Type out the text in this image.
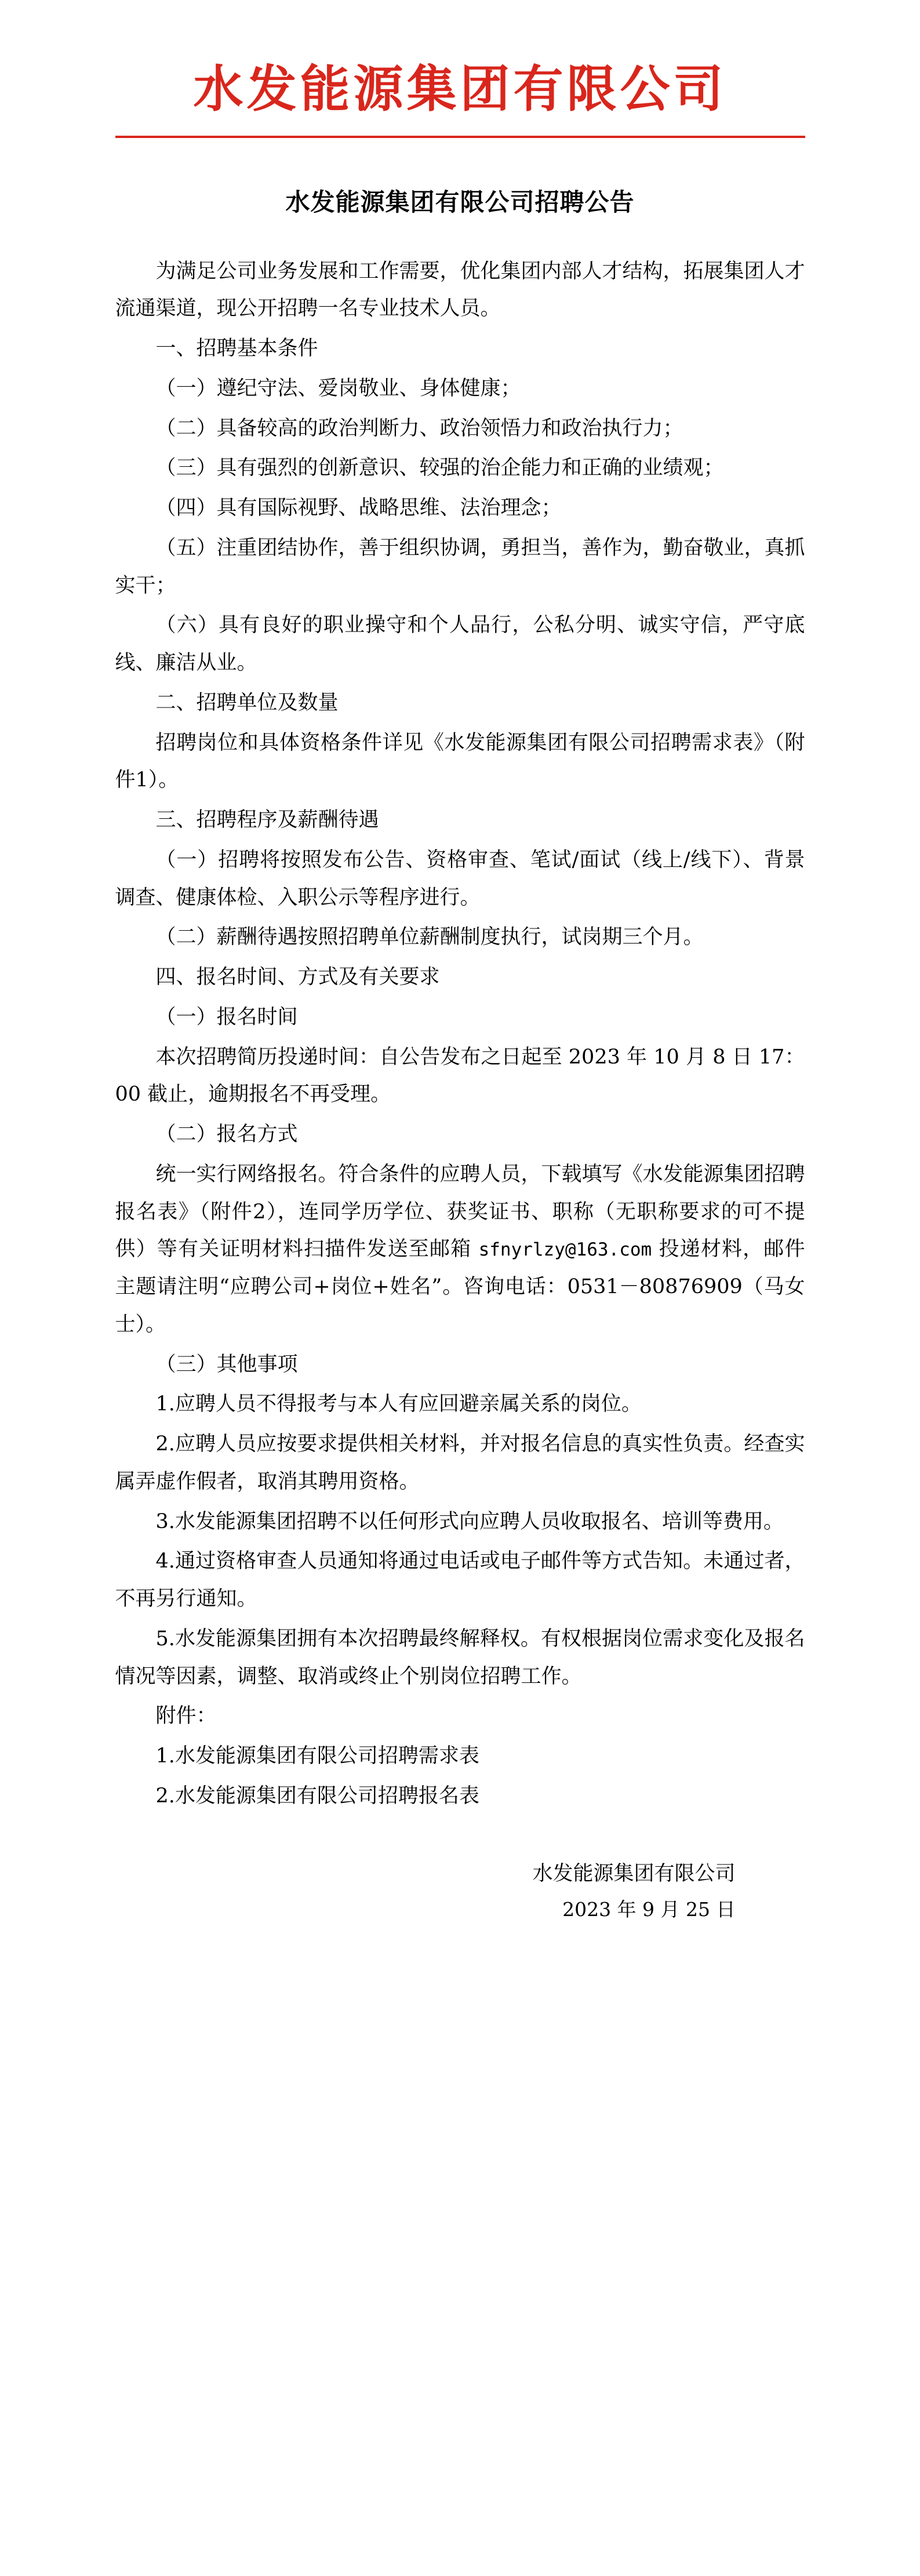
水发能源集团有限公司
水发能源集团有限公司招聘公告

为满足公司业务发展和工作需要，优化集团内部人才结构，拓展集团人才流通渠道，现公开招聘一名专业技术人员。

一、招聘基本条件

（一）遵纪守法、爱岗敬业、身体健康；

（二）具备较高的政治判断力、政治领悟力和政治执行力；

（三）具有强烈的创新意识、较强的治企能力和正确的业绩观；

（四）具有国际视野、战略思维、法治理念；

（五）注重团结协作，善于组织协调，勇担当，善作为，勤奋敬业，真抓实干；

（六）具有良好的职业操守和个人品行，公私分明、诚实守信，严守底线、廉洁从业。

二、招聘单位及数量

招聘岗位和具体资格条件详见《水发能源集团有限公司招聘需求表》（附件1）。

三、招聘程序及薪酬待遇

（一）招聘将按照发布公告、资格审查、笔试/面试（线上/线下）、背景调查、健康体检、入职公示等程序进行。

（二）薪酬待遇按照招聘单位薪酬制度执行，试岗期三个月。

四、报名时间、方式及有关要求

（一）报名时间

本次招聘简历投递时间：自公告发布之日起至 2023 年 10 月 8 日 17：00 截止，逾期报名不再受理。

（二）报名方式

统一实行网络报名。符合条件的应聘人员，下载填写《水发能源集团招聘报名表》（附件2），连同学历学位、获奖证书、职称（无职称要求的可不提供）等有关证明材料扫描件发送至邮箱 sfnyrlzy@163.com 投递材料，邮件主题请注明“应聘公司+岗位+姓名”。咨询电话：0531－80876909（马女士）。

（三）其他事项

1.应聘人员不得报考与本人有应回避亲属关系的岗位。

2.应聘人员应按要求提供相关材料，并对报名信息的真实性负责。经查实属弄虚作假者，取消其聘用资格。

3.水发能源集团招聘不以任何形式向应聘人员收取报名、培训等费用。

4.通过资格审查人员通知将通过电话或电子邮件等方式告知。未通过者，不再另行通知。

5.水发能源集团拥有本次招聘最终解释权。有权根据岗位需求变化及报名情况等因素，调整、取消或终止个别岗位招聘工作。

附件：

1.水发能源集团有限公司招聘需求表

2.水发能源集团有限公司招聘报名表

水发能源集团有限公司
2023 年 9 月 25 日
